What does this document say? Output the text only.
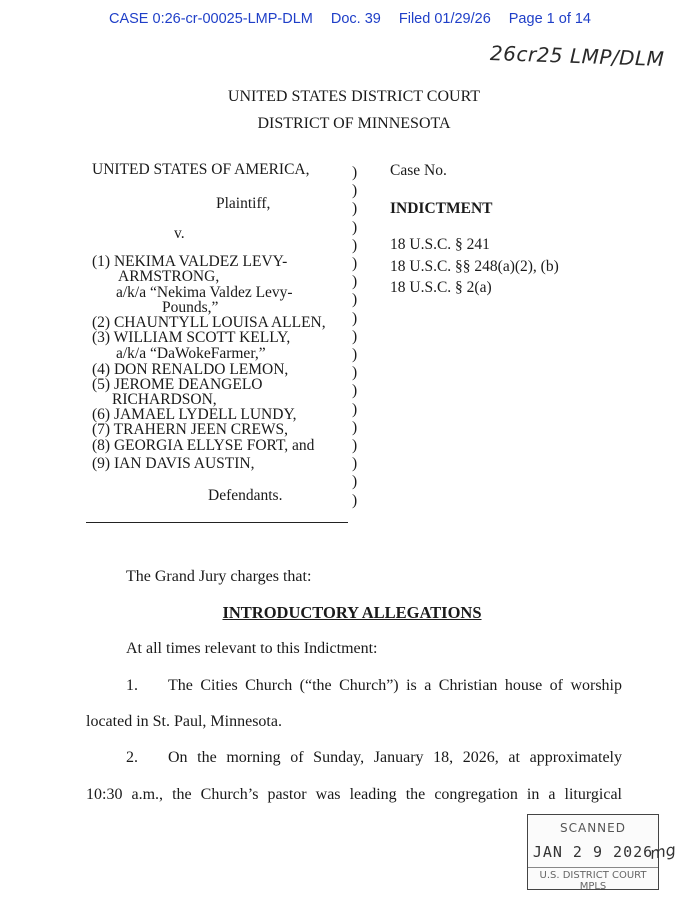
CASE 0:26-cr-00025-LMP-DLM Doc. 39 Filed 01/29/26 Page 1 of 14
26cr25 LMP/DLM
UNITED STATES DISTRICT COURT
DISTRICT OF MINNESOTA
UNITED STATES OF AMERICA,
Plaintiff,
v.
(1) NEKIMA VALDEZ LEVY-
ARMSTRONG,
a/k/a “Nekima Valdez Levy-
Pounds,”
(2) CHAUNTYLL LOUISA ALLEN,
(3) WILLIAM SCOTT KELLY,
a/k/a “DaWokeFarmer,”
(4) DON RENALDO LEMON,
(5) JEROME DEANGELO
RICHARDSON,
(6) JAMAEL LYDELL LUNDY,
(7) TRAHERN JEEN CREWS,
(8) GEORGIA ELLYSE FORT, and
(9) IAN DAVIS AUSTIN,
Defendants.
)
)
)
)
)
)
)
)
)
)
)
)
)
)
)
)
)
)
)
Case No.
INDICTMENT
18 U.S.C. § 241
18 U.S.C. §§ 248(a)(2), (b)
18 U.S.C. § 2(a)
The Grand Jury charges that:
INTRODUCTORY ALLEGATIONS
At all times relevant to this Indictment:
1. The Cities Church (“the Church”) is a Christian house of worship
located in St. Paul, Minnesota.
2. On the morning of Sunday, January 18, 2026, at approximately
10:30 a.m., the Church’s pastor was leading the congregation in a liturgical
SCANNED
JAN 2 9 2026
U.S. DISTRICT COURT MPLS
mg
